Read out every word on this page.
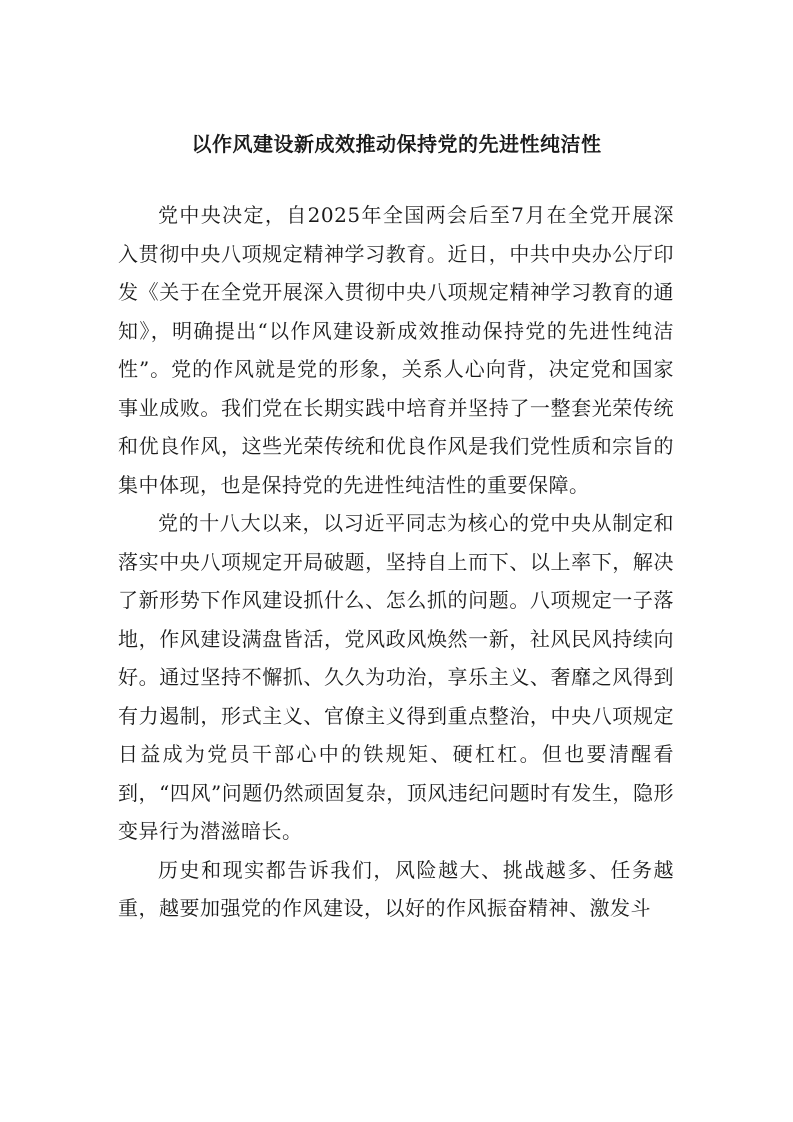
以作风建设新成效推动保持党的先进性纯洁性

党中央决定，自2025年全国两会后至7月在全党开展深入贯彻中央八项规定精神学习教育。近日，中共中央办公厅印发《关于在全党开展深入贯彻中央八项规定精神学习教育的通知》，明确提出“以作风建设新成效推动保持党的先进性纯洁性”。党的作风就是党的形象，关系人心向背，决定党和国家事业成败。我们党在长期实践中培育并坚持了一整套光荣传统和优良作风，这些光荣传统和优良作风是我们党性质和宗旨的集中体现，也是保持党的先进性纯洁性的重要保障。

党的十八大以来，以习近平同志为核心的党中央从制定和落实中央八项规定开局破题，坚持自上而下、以上率下，解决了新形势下作风建设抓什么、怎么抓的问题。八项规定一子落地，作风建设满盘皆活，党风政风焕然一新，社风民风持续向好。通过坚持不懈抓、久久为功治，享乐主义、奢靡之风得到有力遏制，形式主义、官僚主义得到重点整治，中央八项规定日益成为党员干部心中的铁规矩、硬杠杠。但也要清醒看到，“四风”问题仍然顽固复杂，顶风违纪问题时有发生，隐形变异行为潜滋暗长。

历史和现实都告诉我们，风险越大、挑战越多、任务越重，越要加强党的作风建设，以好的作风振奋精神、激发斗
